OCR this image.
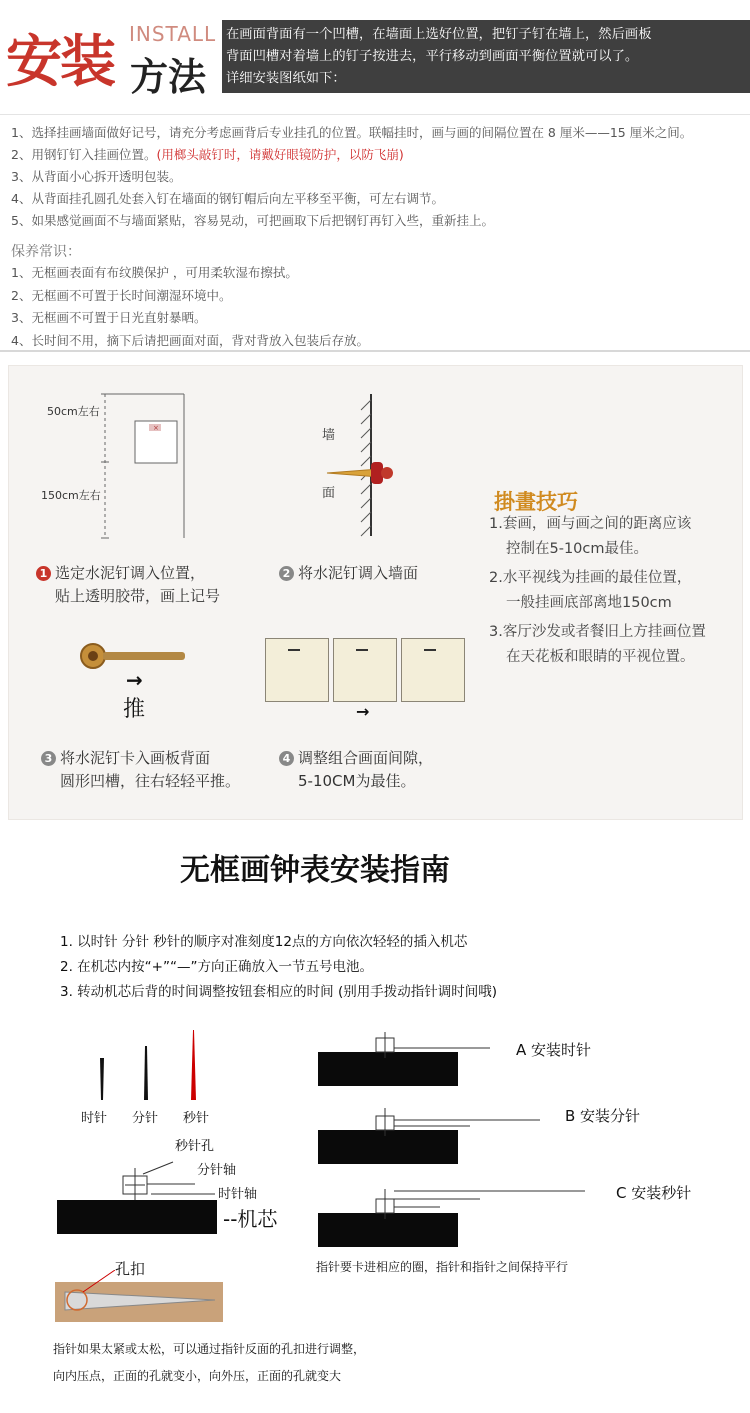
安装 INSTALL
方法
在画面背面有一个凹槽，在墙面上选好位置，把钉子钉在墙上，然后画板
背面凹槽对着墙上的钉子按进去，平行移动到画面平衡位置就可以了。
详细安装图纸如下：
1、选择挂画墙面做好记号，请充分考虑画背后专业挂孔的位置。联幅挂时，画与画的间隔位置在 8 厘米——15 厘米之间。
2、用钢钉钉入挂画位置。(用榔头敲钉时，请戴好眼镜防护，以防飞崩)
3、从背面小心拆开透明包装。
4、从背面挂孔圆孔处套入钉在墙面的钢钉帽后向左平移至平衡，可左右调节。
5、如果感觉画面不与墙面紧贴，容易晃动，可把画取下后把钢钉再钉入些，重新挂上。
保养常识：
1、无框画表面有布纹膜保护 ，可用柔软湿布擦拭。
2、无框画不可置于长时间潮湿环境中。
3、无框画不可置于日光直射暴晒。
4、长时间不用，摘下后请把画面对面，背对背放入包装后存放。
×
50cm左右
150cm左右
墙
面
1 选定水泥钉调入位置，
贴上透明胶带，画上记号
2 将水泥钉调入墙面
→
推	→
3 将水泥钉卡入画板背面
圆形凹槽，往右轻轻平推。
4 调整组合画面间隙，
5-10CM为最佳。
掛畫技巧
1.套画，画与画之间的距离应该
控制在5-10cm最佳。
2.水平视线为挂画的最佳位置，
一般挂画底部离地150cm
3.客厅沙发或者餐旧上方挂画位置
在天花板和眼睛的平视位置。
无框画钟表安装指南
1. 以时针 分针 秒针的顺序对准刻度12点的方向依次轻轻的插入机芯
2. 在机芯内按“+”“—”方向正确放入一节五号电池。
3. 转动机芯后背的时间调整按钮套相应的时间 (别用手拨动指针调时间哦)
时针 分针 秒针
秒针孔
分针轴
时针轴
--机芯
孔扣
A 安装时针
B 安装分针
C 安装秒针
指针要卡进相应的圈，指针和指针之间保持平行
指针如果太紧或太松，可以通过指针反面的孔扣进行调整，
向内压点，正面的孔就变小，向外压，正面的孔就变大
